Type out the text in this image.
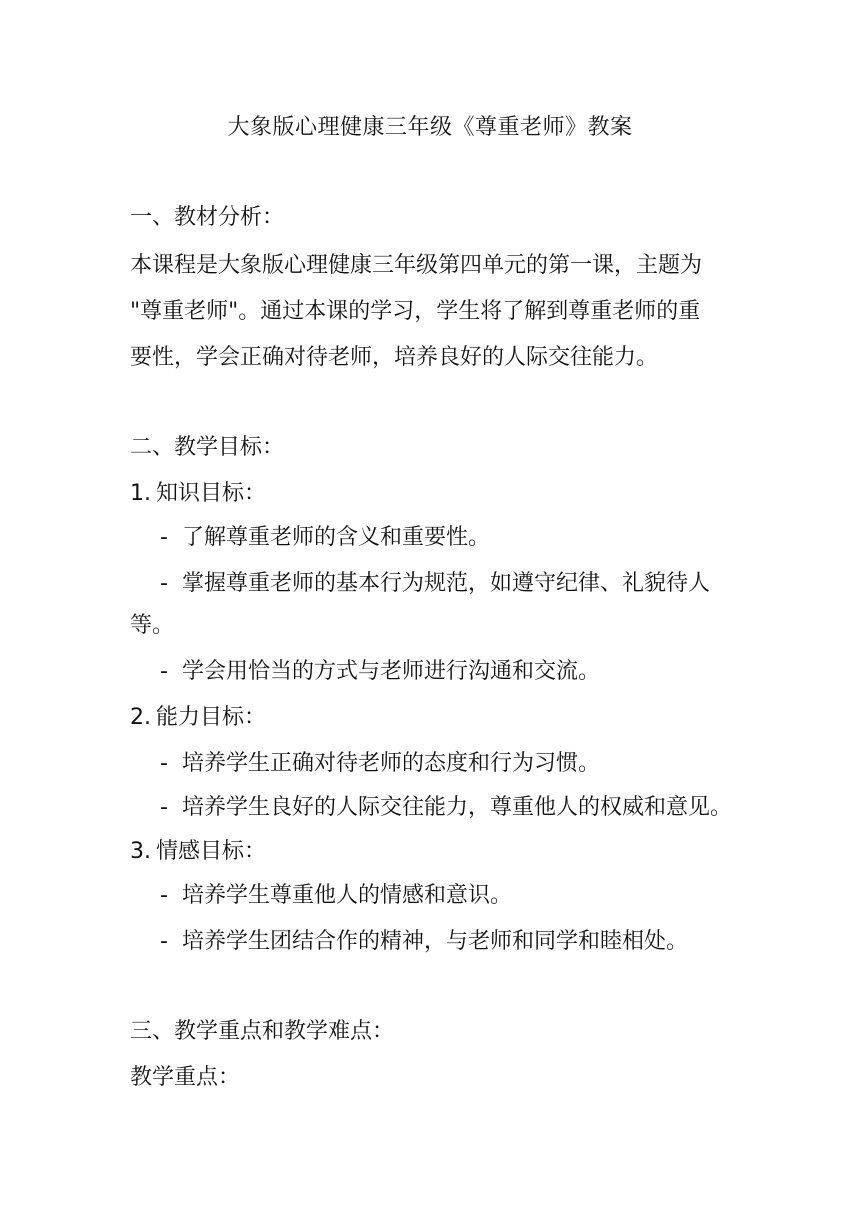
大象版心理健康三年级《尊重老师》教案
一、教材分析：
本课程是大象版心理健康三年级第四单元的第一课，主题为
"尊重老师"。通过本课的学习，学生将了解到尊重老师的重
要性，学会正确对待老师，培养良好的人际交往能力。
二、教学目标：
1. 知识目标：
- 了解尊重老师的含义和重要性。
- 掌握尊重老师的基本行为规范，如遵守纪律、礼貌待人
等。
- 学会用恰当的方式与老师进行沟通和交流。
2. 能力目标：
- 培养学生正确对待老师的态度和行为习惯。
- 培养学生良好的人际交往能力，尊重他人的权威和意见。
3. 情感目标：
- 培养学生尊重他人的情感和意识。
- 培养学生团结合作的精神，与老师和同学和睦相处。
三、教学重点和教学难点：
教学重点：
